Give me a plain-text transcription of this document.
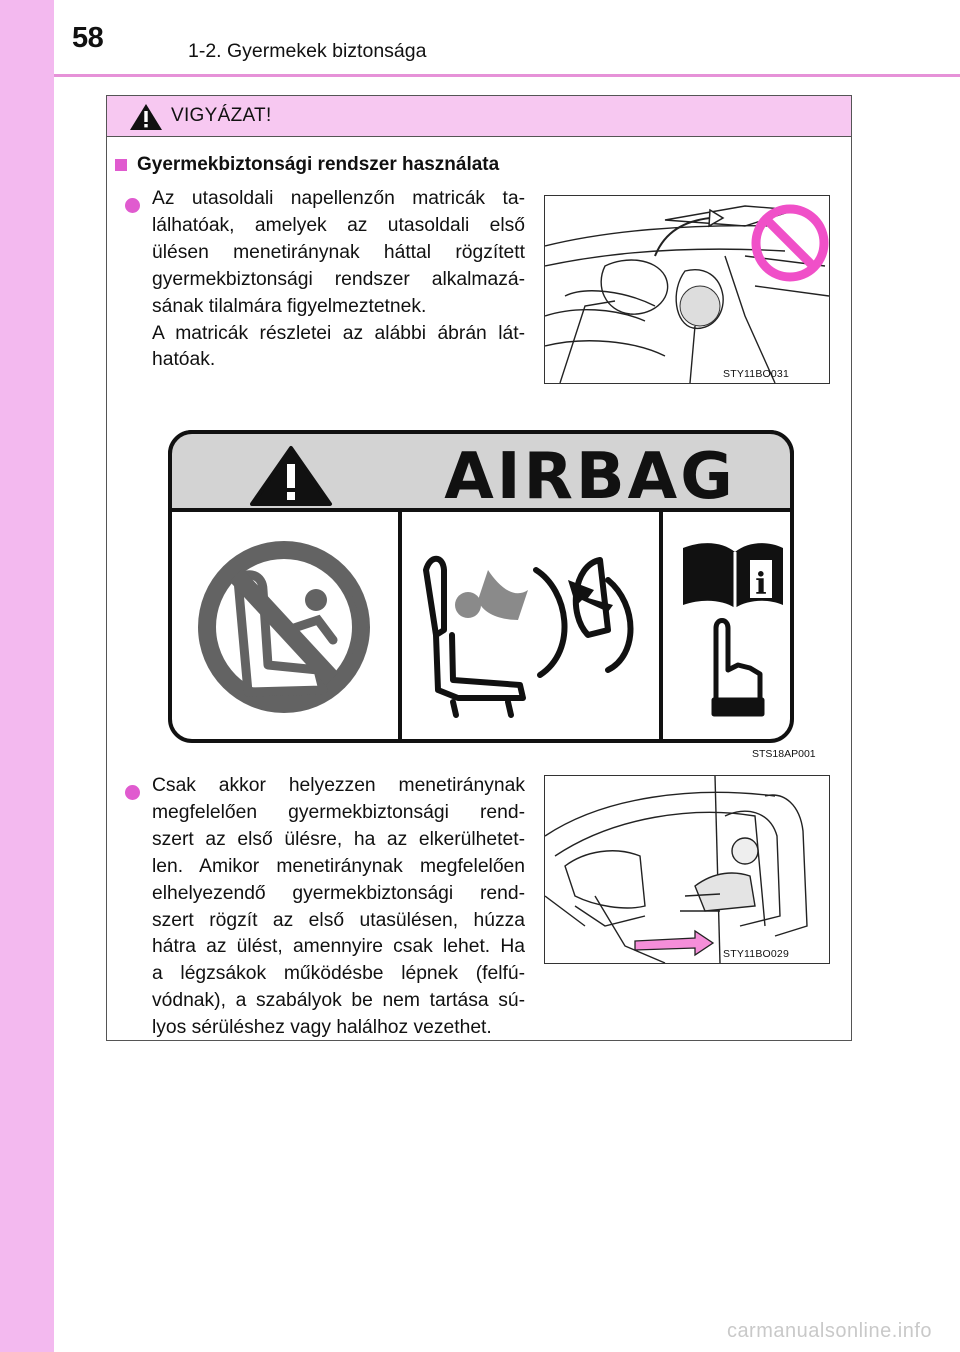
58	1-2. Gyermekek biztonsága
VIGYÁZAT!
Gyermekbiztonsági rendszer használata
Az utasoldali napellenzőn matricák ta-
lálhatóak, amelyek az utasoldali első
ülésen menetiránynak háttal rögzített
gyermekbiztonsági rendszer alkalmazá-
sának tilalmára figyelmeztetnek.
A matricák részletei az alábbi ábrán lát-
hatóak.
STY11BO031
Csak akkor helyezzen menetiránynak
megfelelően gyermekbiztonsági rend-
szert az első ülésre, ha az elkerülhetet-
len. Amikor menetiránynak megfelelően
elhelyezendő gyermekbiztonsági rend-
szert rögzít az első utasülésen, húzza
hátra az ülést, amennyire csak lehet. Ha
a légzsákok működésbe lépnek (felfú-
vódnak), a szabályok be nem tartása sú-
lyos sérüléshez vagy halálhoz vezethet.
STY11BO029
AIRBAG
i
STS18AP001
carmanualsonline.info
